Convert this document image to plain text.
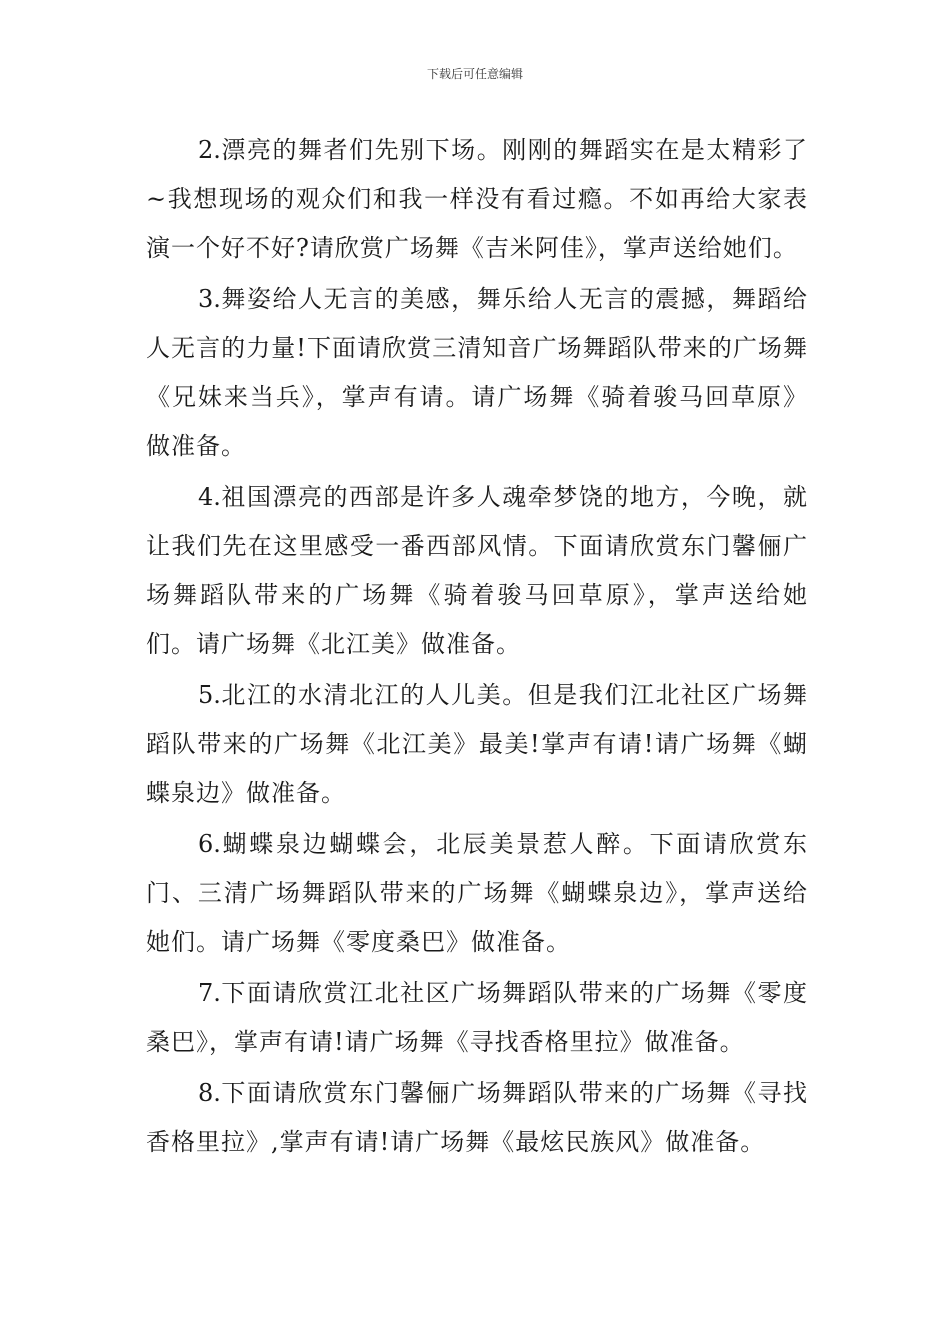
下载后可任意编辑

2.漂亮的舞者们先别下场。刚刚的舞蹈实在是太精彩了~我想现场的观众们和我一样没有看过瘾。不如再给大家表演一个好不好?请欣赏广场舞《吉米阿佳》，掌声送给她们。

3.舞姿给人无言的美感，舞乐给人无言的震撼，舞蹈给人无言的力量!下面请欣赏三清知音广场舞蹈队带来的广场舞《兄妹来当兵》，掌声有请。请广场舞《骑着骏马回草原》做准备。

4.祖国漂亮的西部是许多人魂牵梦饶的地方，今晚，就让我们先在这里感受一番西部风情。下面请欣赏东门馨俪广场舞蹈队带来的广场舞《骑着骏马回草原》，掌声送给她们。请广场舞《北江美》做准备。

5.北江的水清北江的人儿美。但是我们江北社区广场舞蹈队带来的广场舞《北江美》最美!掌声有请!请广场舞《蝴蝶泉边》做准备。

6.蝴蝶泉边蝴蝶会，北辰美景惹人醉。下面请欣赏东门、三清广场舞蹈队带来的广场舞《蝴蝶泉边》，掌声送给她们。请广场舞《零度桑巴》做准备。

7.下面请欣赏江北社区广场舞蹈队带来的广场舞《零度桑巴》，掌声有请!请广场舞《寻找香格里拉》做准备。

8.下面请欣赏东门馨俪广场舞蹈队带来的广场舞《寻找香格里拉》,掌声有请!请广场舞《最炫民族风》做准备。
